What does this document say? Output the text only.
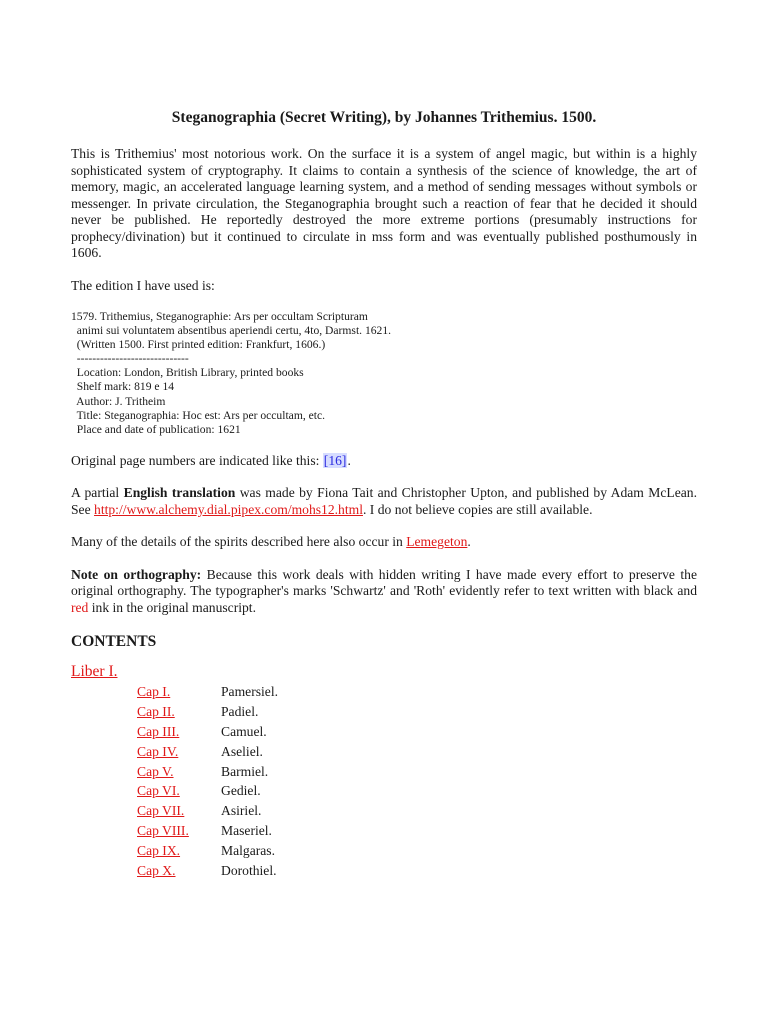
Steganographia (Secret Writing), by Johannes Trithemius. 1500.

This is Trithemius' most notorious work. On the surface it is a system of angel magic, but within is a highly sophisticated system of cryptography. It claims to contain a synthesis of the science of knowledge, the art of memory, magic, an accelerated language learning system, and a method of sending messages without symbols or messenger. In private circulation, the Steganographia brought such a reaction of fear that he decided it should never be published. He reportedly destroyed the more extreme portions (presumably instructions for prophecy/divination) but it continued to circulate in mss form and was eventually published posthumously in 1606.

The edition I have used is:

1579. Trithemius, Steganographie: Ars per occultam Scripturam
animi sui voluntatem absentibus aperiendi certu, 4to, Darmst. 1621.
(Written 1500. First printed edition: Frankfurt, 1606.)
-----------------------------
Location: London, British Library, printed books
Shelf mark: 819 e 14
Author: J. Tritheim
Title: Steganographia: Hoc est: Ars per occultam, etc.
Place and date of publication: 1621

Original page numbers are indicated like this: [16].

A partial English translation was made by Fiona Tait and Christopher Upton, and published by Adam McLean. See http://www.alchemy.dial.pipex.com/mohs12.html. I do not believe copies are still available.

Many of the details of the spirits described here also occur in Lemegeton.

Note on orthography: Because this work deals with hidden writing I have made every effort to preserve the original orthography. The typographer's marks 'Schwartz' and 'Roth' evidently refer to text written with black and red ink in the original manuscript.

CONTENTS
Liber I.
Cap I.	Pamersiel.
Cap II.	Padiel.
Cap III.	Camuel.
Cap IV.	Aseliel.
Cap V.	Barmiel.
Cap VI.	Gediel.
Cap VII.	Asiriel.
Cap VIII.	Maseriel.
Cap IX.	Malgaras.
Cap X.	Dorothiel.
